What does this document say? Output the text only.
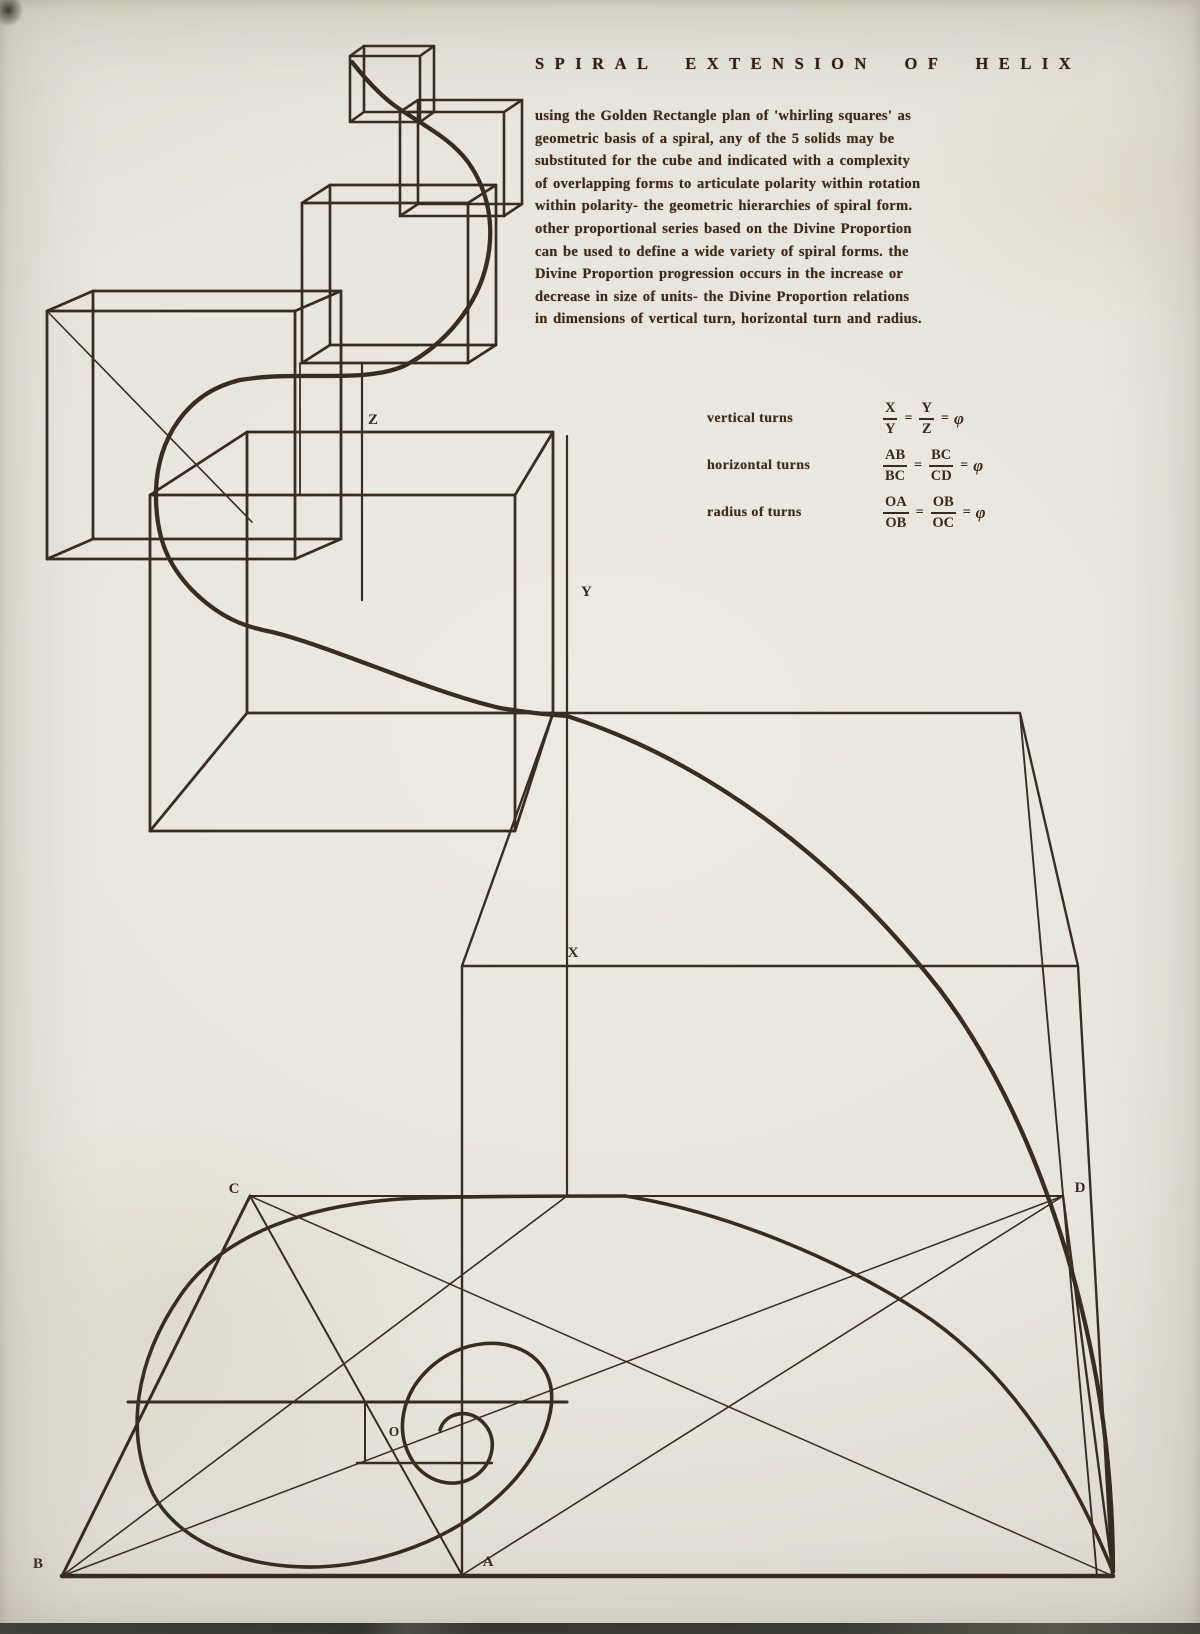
Z
Y
X
C	D
B	A
O
SPIRAL EXTENSION OF HELIX
using the Golden Rectangle plan of 'whirling squares' as
geometric basis of a spiral, any of the 5 solids may be
substituted for the cube and indicated with a complexity
of overlapping forms to articulate polarity within rotation
within polarity- the geometric hierarchies of spiral form.
other proportional series based on the Divine Proportion
can be used to define a wide variety of spiral forms. the
Divine Proportion progression occurs in the increase or
decrease in size of units- the Divine Proportion relations
in dimensions of vertical turn, horizontal turn and radius.
vertical turns	$\frac{X}{Y} = \frac{Y}{Z} = \varphi$
horizontal turns	$\frac{AB}{BC} = \frac{BC}{CD} = \varphi$
radius of turns	$\frac{OA}{OB} = \frac{OB}{OC} = \varphi$
